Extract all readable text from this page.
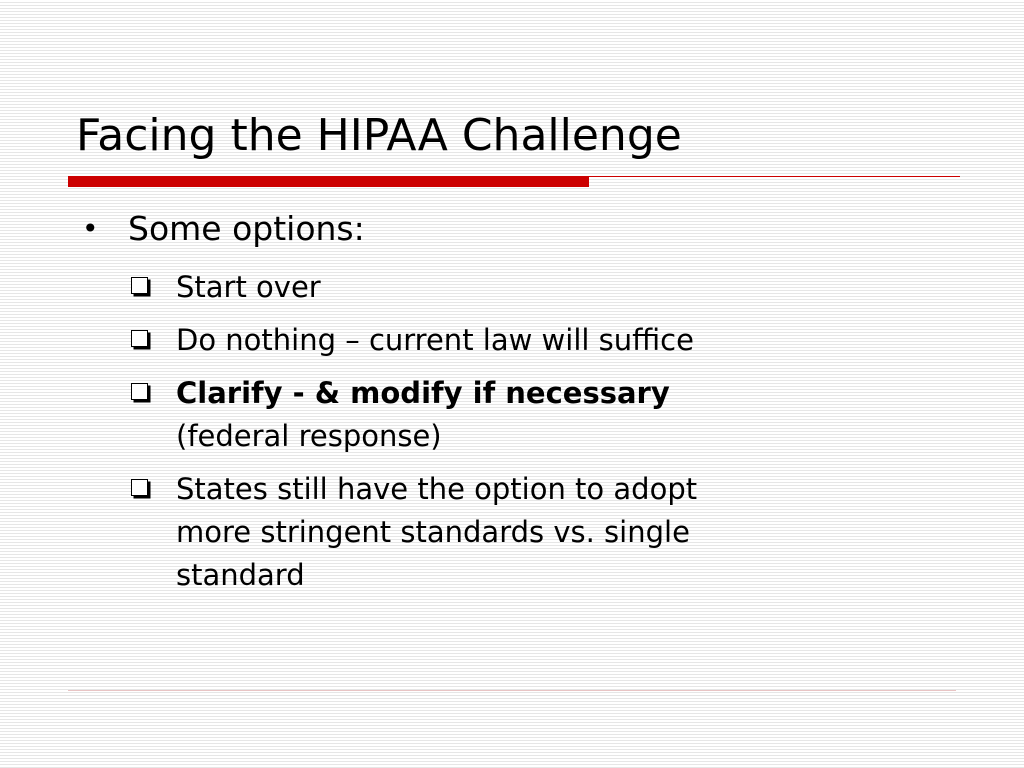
Facing the HIPAA Challenge
• Some options:
Start over
Do nothing – current law will suffice
Clarify - & modify if necessary
(federal response)
States still have the option to adopt
more stringent standards vs. single
standard
